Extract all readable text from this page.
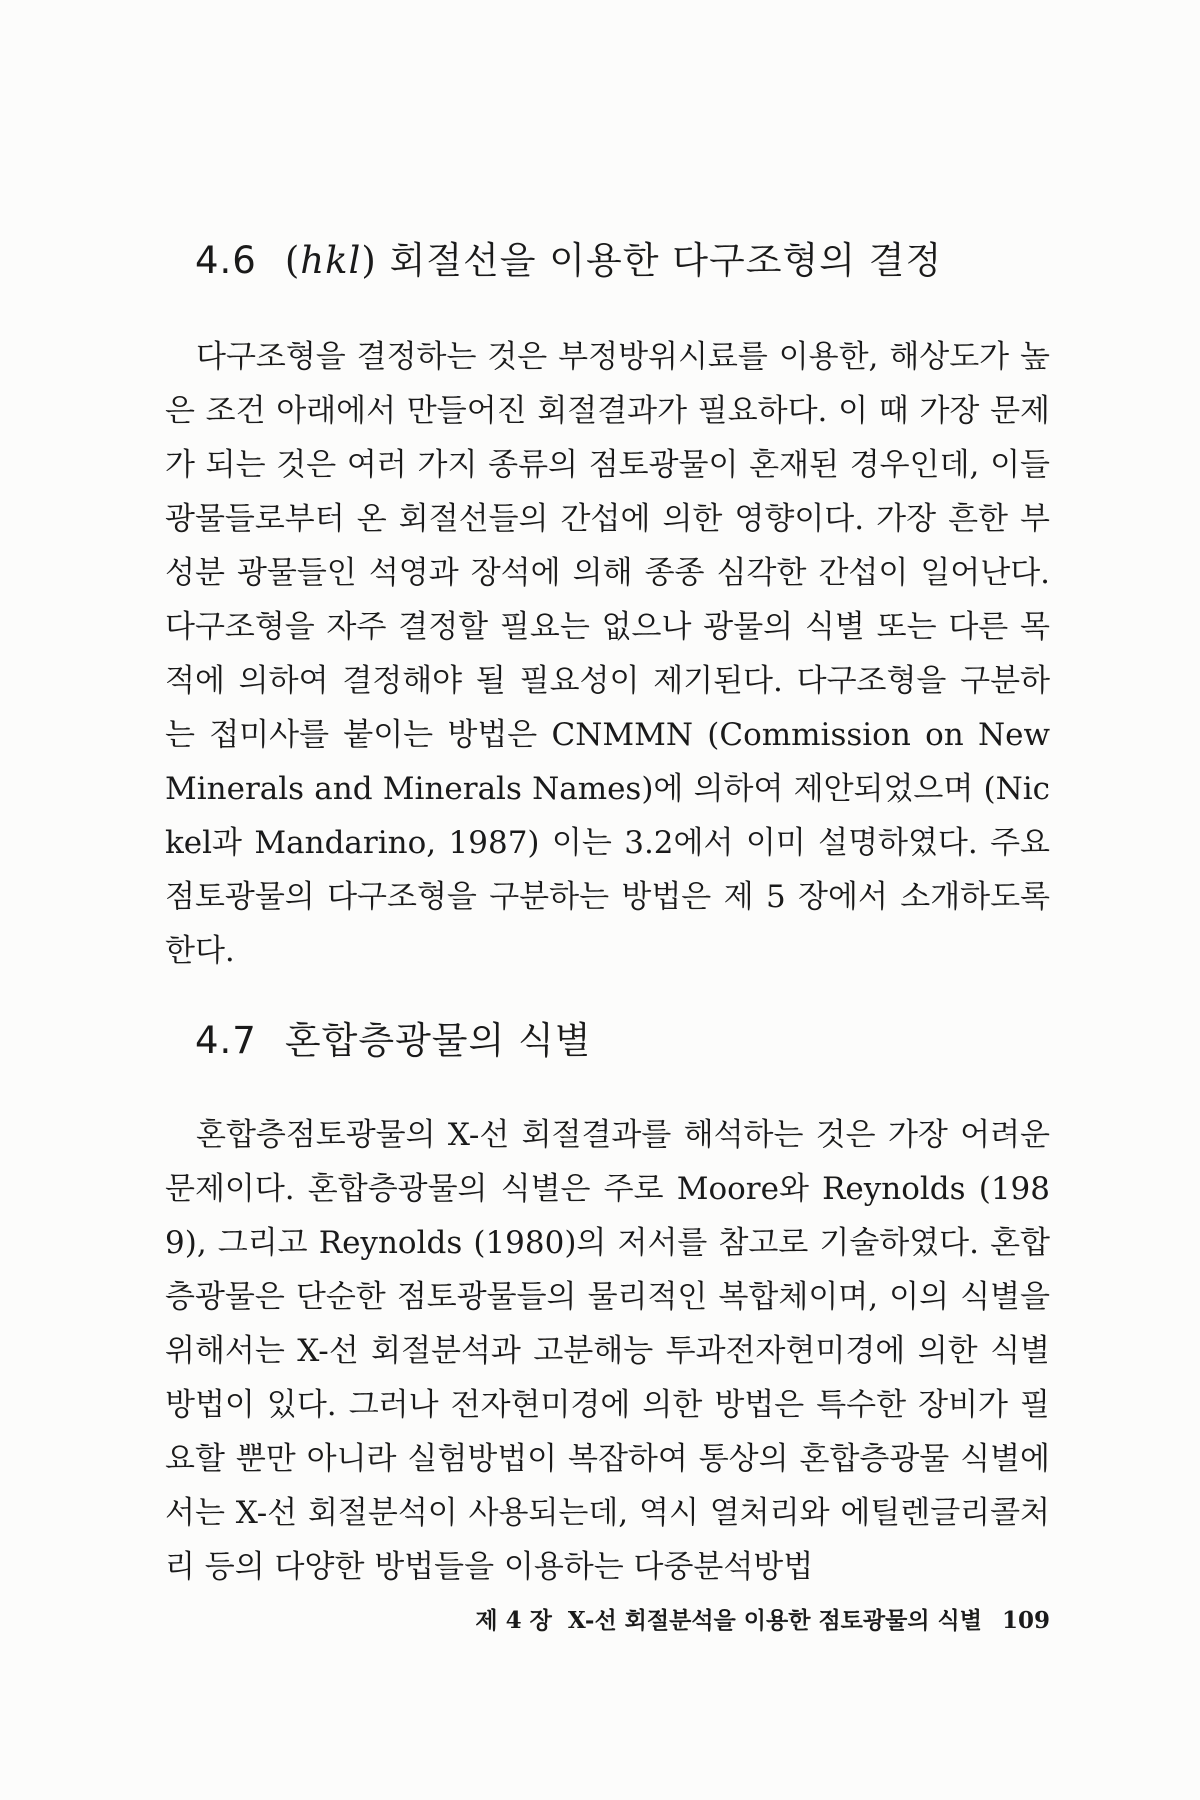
4.6 (hkl) 회절선을 이용한 다구조형의 결정

다구조형을 결정하는 것은 부정방위시료를 이용한, 해상도가 높은 조건 아래에서 만들어진 회절결과가 필요하다. 이 때 가장 문제가 되는 것은 여러 가지 종류의 점토광물이 혼재된 경우인데, 이들 광물들로부터 온 회절선들의 간섭에 의한 영향이다. 가장 흔한 부성분 광물들인 석영과 장석에 의해 종종 심각한 간섭이 일어난다. 다구조형을 자주 결정할 필요는 없으나 광물의 식별 또는 다른 목적에 의하여 결정해야 될 필요성이 제기된다. 다구조형을 구분하는 접미사를 붙이는 방법은 CNMMN (Commission on New Minerals and Minerals Names)에 의하여 제안되었으며 (Nickel과 Mandarino, 1987) 이는 3.2에서 이미 설명하였다. 주요 점토광물의 다구조형을 구분하는 방법은 제 5 장에서 소개하도록 한다.

4.7 혼합층광물의 식별

혼합층점토광물의 X-선 회절결과를 해석하는 것은 가장 어려운 문제이다. 혼합층광물의 식별은 주로 Moore와 Reynolds (1989), 그리고 Reynolds (1980)의 저서를 참고로 기술하였다. 혼합층광물은 단순한 점토광물들의 물리적인 복합체이며, 이의 식별을 위해서는 X-선 회절분석과 고분해능 투과전자현미경에 의한 식별방법이 있다. 그러나 전자현미경에 의한 방법은 특수한 장비가 필요할 뿐만 아니라 실험방법이 복잡하여 통상의 혼합층광물 식별에서는 X-선 회절분석이 사용되는데, 역시 열처리와 에틸렌글리콜처리 등의 다양한 방법들을 이용하는 다중분석방법

제 4 장 X-선 회절분석을 이용한 점토광물의 식별 109
